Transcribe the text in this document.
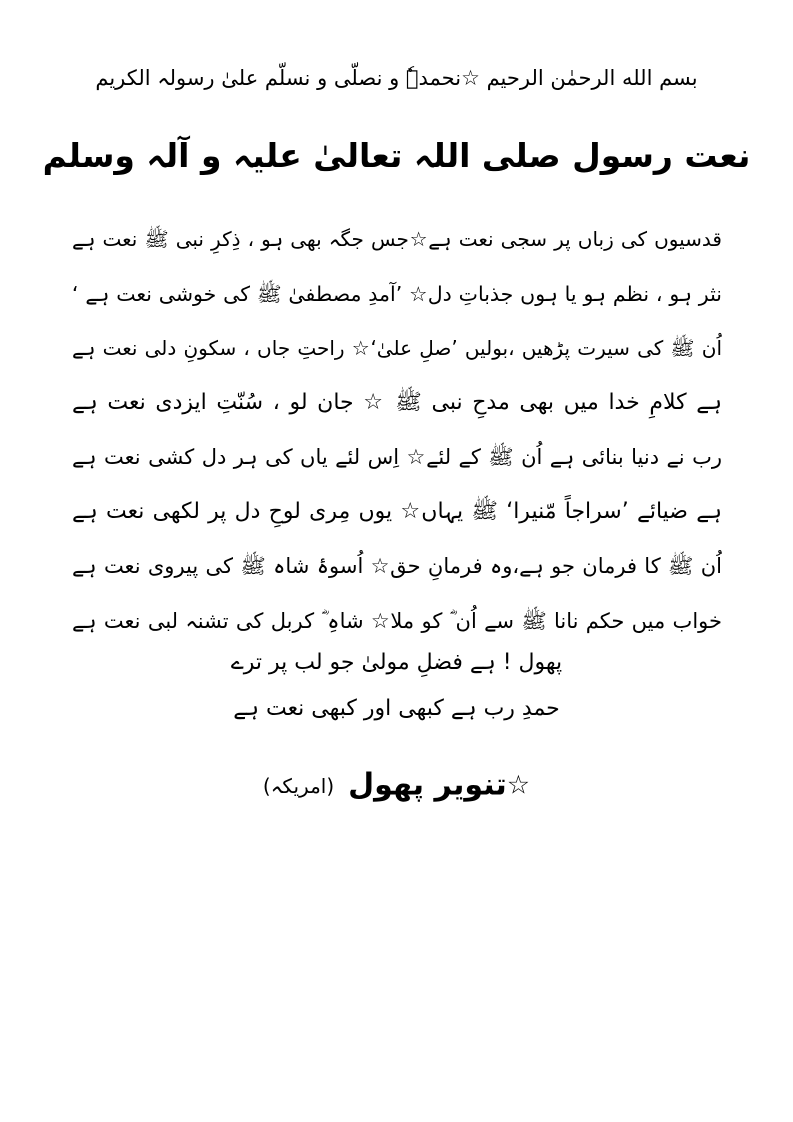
بسم الله الرحمٰن الرحیم ☆نحمدہٗ و نصلّی و نسلّم علیٰ رسولہ الکریم
نعت رسول صلی اللہ تعالیٰ علیہ و آلہ وسلم
قدسیوں کی زباں پر سجی نعت ہے☆جس جگہ بھی ہو ، ذِکرِ نبی ﷺ نعت ہے
نثر ہو ، نظم ہو یا ہوں جذباتِ دل☆ ’آمدِ مصطفیٰ ﷺ کی خوشی نعت ہے ‘
اُن ﷺ کی سیرت پڑھیں ،بولیں ’صلِ علیٰ‘☆ راحتِ جاں ، سکونِ دلی نعت ہے
ہے کلامِ خدا میں بھی مدحِ نبی ﷺ ☆ جان لو ، سُنّتِ ایزدی نعت ہے
رب نے دنیا بنائی ہے اُن ﷺ کے لئے☆ اِس لئے یاں کی ہر دل کشی نعت ہے
ہے ضیائے ’سراجاً مّنیرا‘ ﷺ یہاں☆ یوں مِری لوحِ دل پر لکھی نعت ہے
اُن ﷺ کا فرمان جو ہے،وہ فرمانِ حق☆ اُسوۂ شاہ ﷺ کی پیروی نعت ہے
خواب میں حکم نانا ﷺ سے اُن ؓ کو ملا☆ شاہِ ؓ کربل کی تشنہ لبی نعت ہے
پھول ! ہے فضلِ مولیٰ جو لب پر ترے
حمدِ رب ہے کبھی اور کبھی نعت ہے
☆تنویر پھول(امریکہ)
